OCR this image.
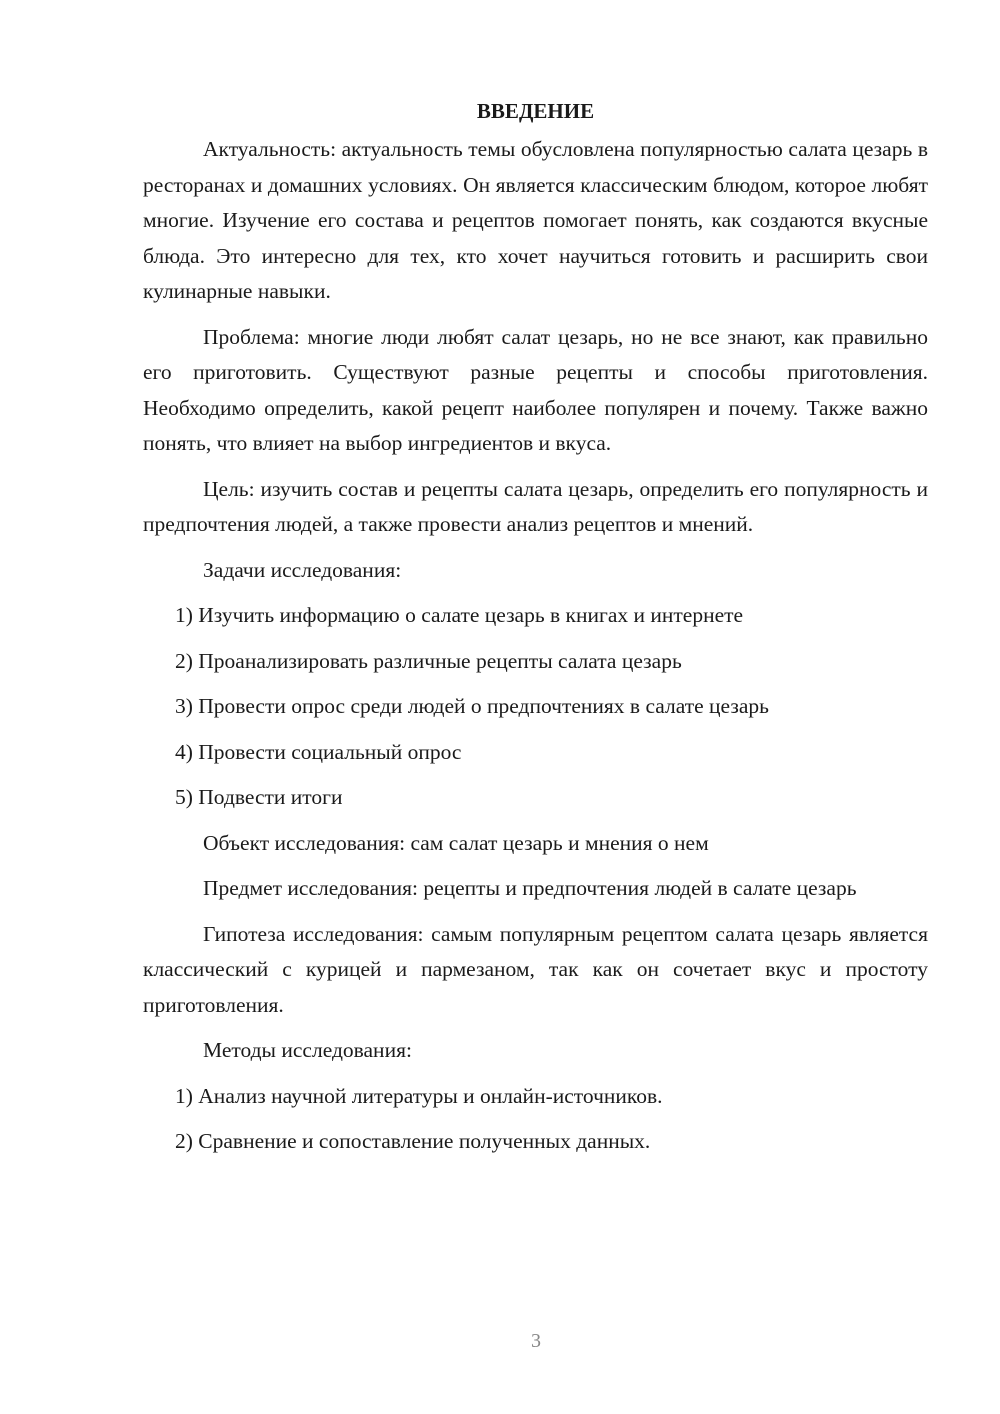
ВВЕДЕНИЕ

Актуальность: актуальность темы обусловлена популярностью салата цезарь в ресторанах и домашних условиях. Он является классическим блюдом, которое любят многие. Изучение его состава и рецептов помогает понять, как создаются вкусные блюда. Это интересно для тех, кто хочет научиться готовить и расширить свои кулинарные навыки.

Проблема: многие люди любят салат цезарь, но не все знают, как правильно его приготовить. Существуют разные рецепты и способы приготовления. Необходимо определить, какой рецепт наиболее популярен и почему. Также важно понять, что влияет на выбор ингредиентов и вкуса.

Цель: изучить состав и рецепты салата цезарь, определить его популярность и предпочтения людей, а также провести анализ рецептов и мнений.

Задачи исследования:
1) Изучить информацию о салате цезарь в книгах и интернете
2) Проанализировать различные рецепты салата цезарь
3) Провести опрос среди людей о предпочтениях в салате цезарь
4) Провести социальный опрос
5) Подвести итоги
Объект исследования: сам салат цезарь и мнения о нем

Предмет исследования: рецепты и предпочтения людей в салате цезарь

Гипотеза исследования: самым популярным рецептом салата цезарь является классический с курицей и пармезаном, так как он сочетает вкус и простоту приготовления.

Методы исследования:
1) Анализ научной литературы и онлайн-источников.
2) Сравнение и сопоставление полученных данных.
3
